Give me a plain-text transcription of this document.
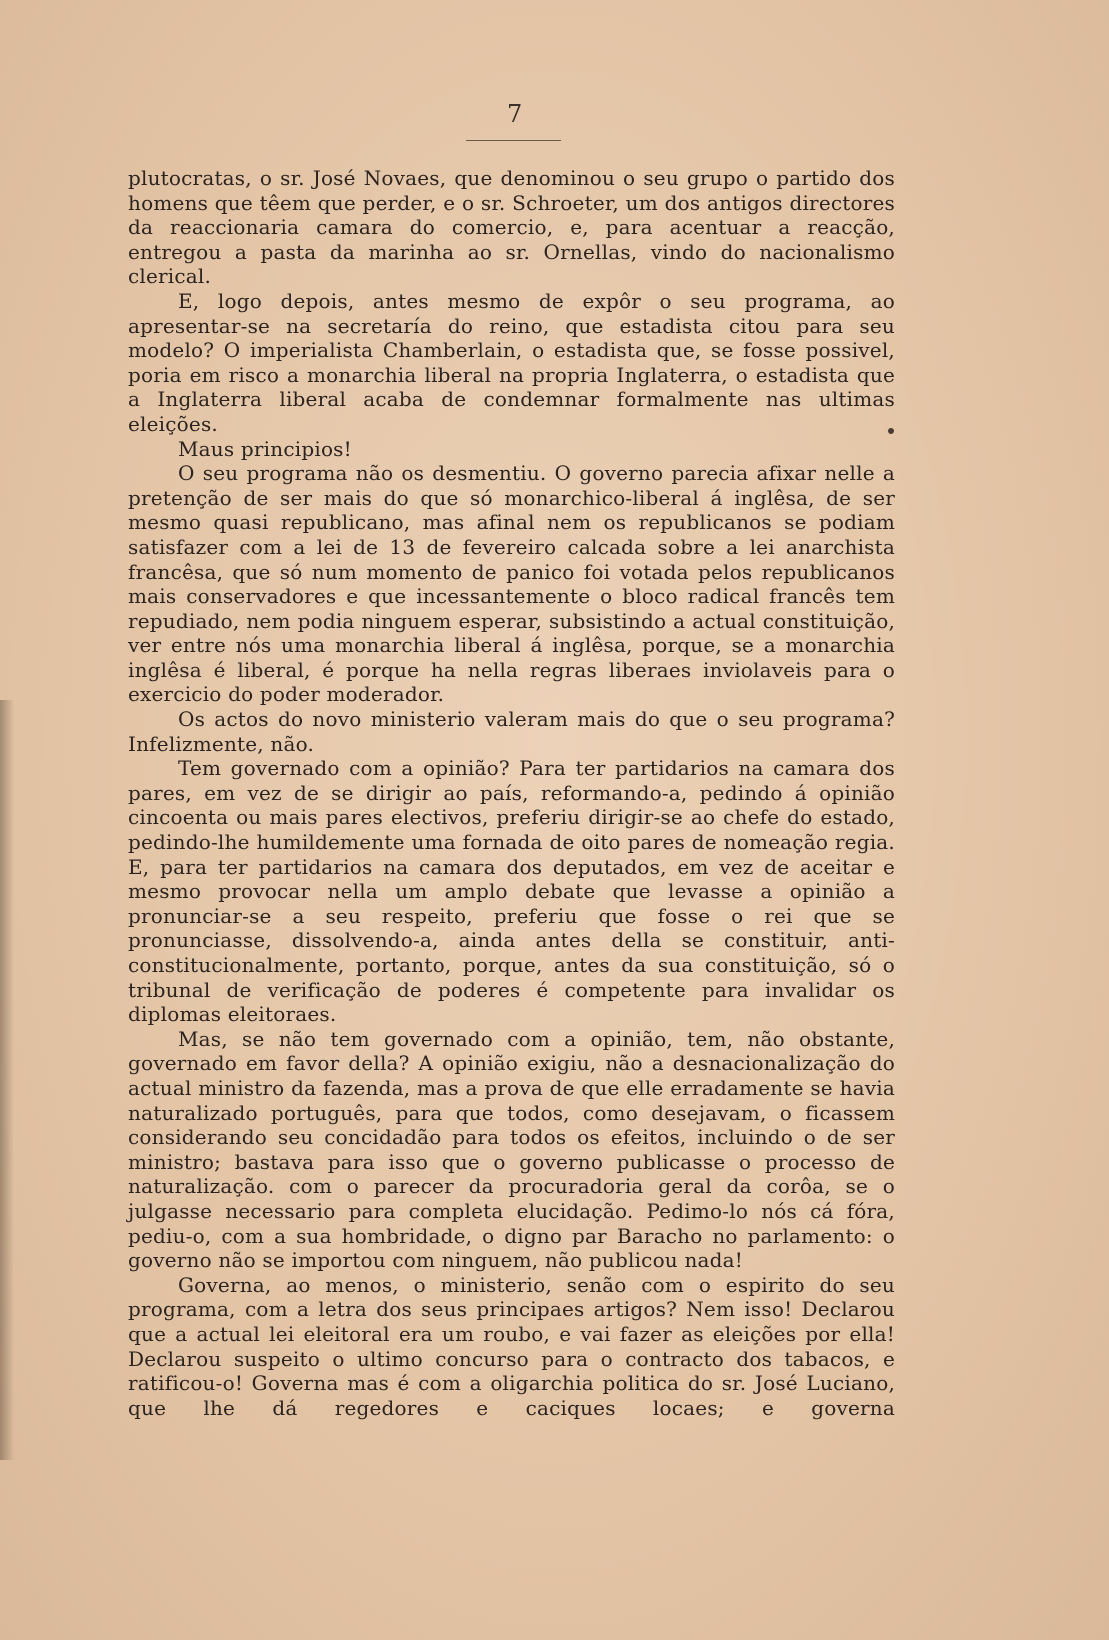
7

plutocratas, o sr. José Novaes, que denominou o seu grupo o partido dos homens que têem que perder, e o sr. Schroeter, um dos antigos directores da reaccionaria camara do comercio, e, para acentuar a reacção, entregou a pasta da marinha ao sr. Ornellas, vindo do nacionalismo clerical.

E, logo depois, antes mesmo de expôr o seu programa, ao apresentar-se na secretaría do reino, que estadista citou para seu modelo? O imperialista Chamberlain, o estadista que, se fosse possivel, poria em risco a monarchia liberal na propria Inglaterra, o estadista que a Inglaterra liberal acaba de condemnar formalmente nas ultimas eleições.

Maus principios!

O seu programa não os desmentiu. O governo parecia afixar nelle a pretenção de ser mais do que só monarchico-liberal á inglêsa, de ser mesmo quasi republicano, mas afinal nem os republicanos se podiam satisfazer com a lei de 13 de fevereiro calcada sobre a lei anarchista francêsa, que só num momento de panico foi votada pelos republicanos mais conservadores e que incessantemente o bloco radical francês tem repudiado, nem podia ninguem esperar, subsistindo a actual constituição, ver entre nós uma monarchia liberal á inglêsa, porque, se a monarchia inglêsa é liberal, é porque ha nella regras liberaes inviolaveis para o exercicio do poder moderador.

Os actos do novo ministerio valeram mais do que o seu programa? Infelizmente, não.

Tem governado com a opinião? Para ter partidarios na camara dos pares, em vez de se dirigir ao país, reformando-a, pedindo á opinião cincoenta ou mais pares electivos, preferiu dirigir-se ao chefe do estado, pedindo-lhe humildemente uma fornada de oito pares de nomeação regia. E, para ter partidarios na camara dos deputados, em vez de aceitar e mesmo provocar nella um amplo debate que levasse a opinião a pronunciar-se a seu respeito, preferiu que fosse o rei que se pronunciasse, dissolvendo-a, ainda antes della se constituir, anti-constitucionalmente, portanto, porque, antes da sua constituição, só o tribunal de verificação de poderes é competente para invalidar os diplomas eleitoraes.

Mas, se não tem governado com a opinião, tem, não obstante, governado em favor della? A opinião exigiu, não a desnacionalização do actual ministro da fazenda, mas a prova de que elle erradamente se havia naturalizado português, para que todos, como desejavam, o ficassem considerando seu concidadão para todos os efeitos, incluindo o de ser ministro; bastava para isso que o governo publicasse o processo de naturalização. com o parecer da procuradoria geral da corôa, se o julgasse necessario para completa elucidação. Pedimo-lo nós cá fóra, pediu-o, com a sua hombridade, o digno par Baracho no parlamento: o governo não se importou com ninguem, não publicou nada!

Governa, ao menos, o ministerio, senão com o espirito do seu programa, com a letra dos seus principaes artigos? Nem isso! Declarou que a actual lei eleitoral era um roubo, e vai fazer as eleições por ella! Declarou suspeito o ultimo concurso para o contracto dos tabacos, e ratificou-o! Governa mas é com a oligarchia politica do sr. José Luciano, que lhe dá regedores e caciques locaes; e governa
